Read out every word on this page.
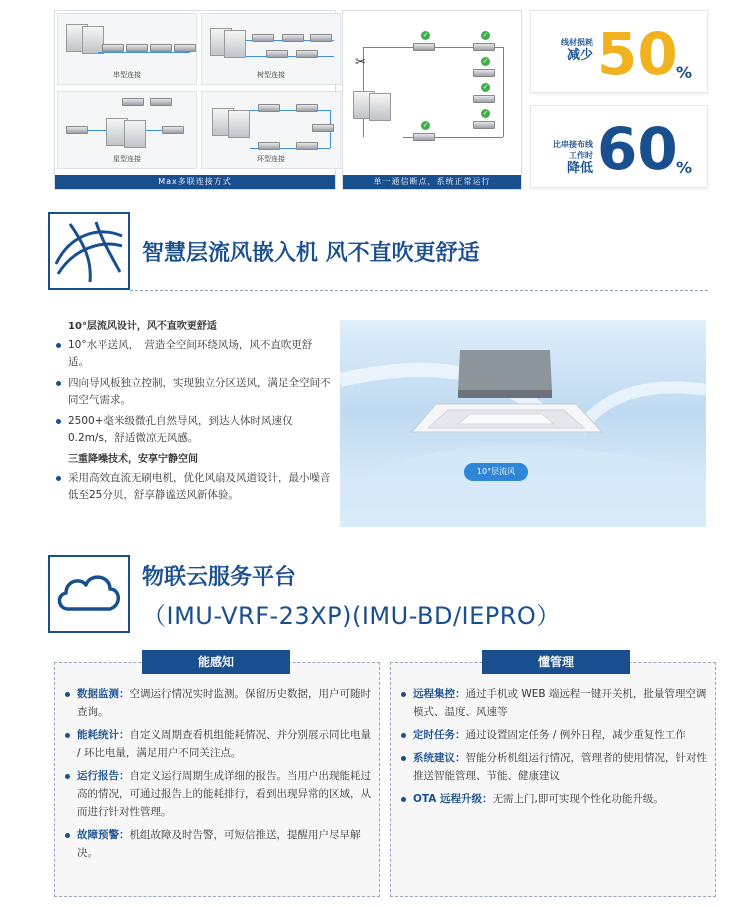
串型连接	树型连接
星型连接	环型连接
Max多联连接方式
✂
✓	✓
✓
✓
✓
✓
单一通信断点，系统正常运行
线材损耗
减少 50
%

比串接布线
工作时

降低 60
%
智慧层流风嵌入机 风不直吹更舒适
10°层流风设计，风不直吹更舒适
10°水平送风，　营造全空间环绕风场，风不直吹更舒适。
四向导风板独立控制，实现独立分区送风，满足全空间不同空气需求。
2500+毫米级微孔自然导风，到达人体时风速仅0.2m/s，舒适微凉无风感。
三重降噪技术，安享宁静空间
采用高效直流无刷电机，优化风扇及风道设计，最小噪音低至25分贝，舒享静谧送风新体验。
10°层流风
物联云服务平台
（IMU-VRF-23XP)(IMU-BD/IEPRO）
数据监测：空调运行情况实时监测。保留历史数据，用户可随时查询。
能耗统计：自定义周期查看机组能耗情况、并分别展示同比电量 / 环比电量，满足用户不同关注点。
运行报告：自定义运行周期生成详细的报告。当用户出现能耗过高的情况，可通过报告上的能耗排行，看到出现异常的区域，从而进行针对性管理。
故障预警：机组故障及时告警，可短信推送，提醒用户尽早解决。
能感知
远程集控：通过手机或 WEB 端远程一键开关机，批量管理空调模式、温度、风速等
定时任务：通过设置固定任务 / 例外日程，减少重复性工作
系统建议：智能分析机组运行情况，管理者的使用情况，针对性推送智能管理、节能、健康建议
OTA 远程升级：无需上门,即可实现个性化功能升级。
懂管理
